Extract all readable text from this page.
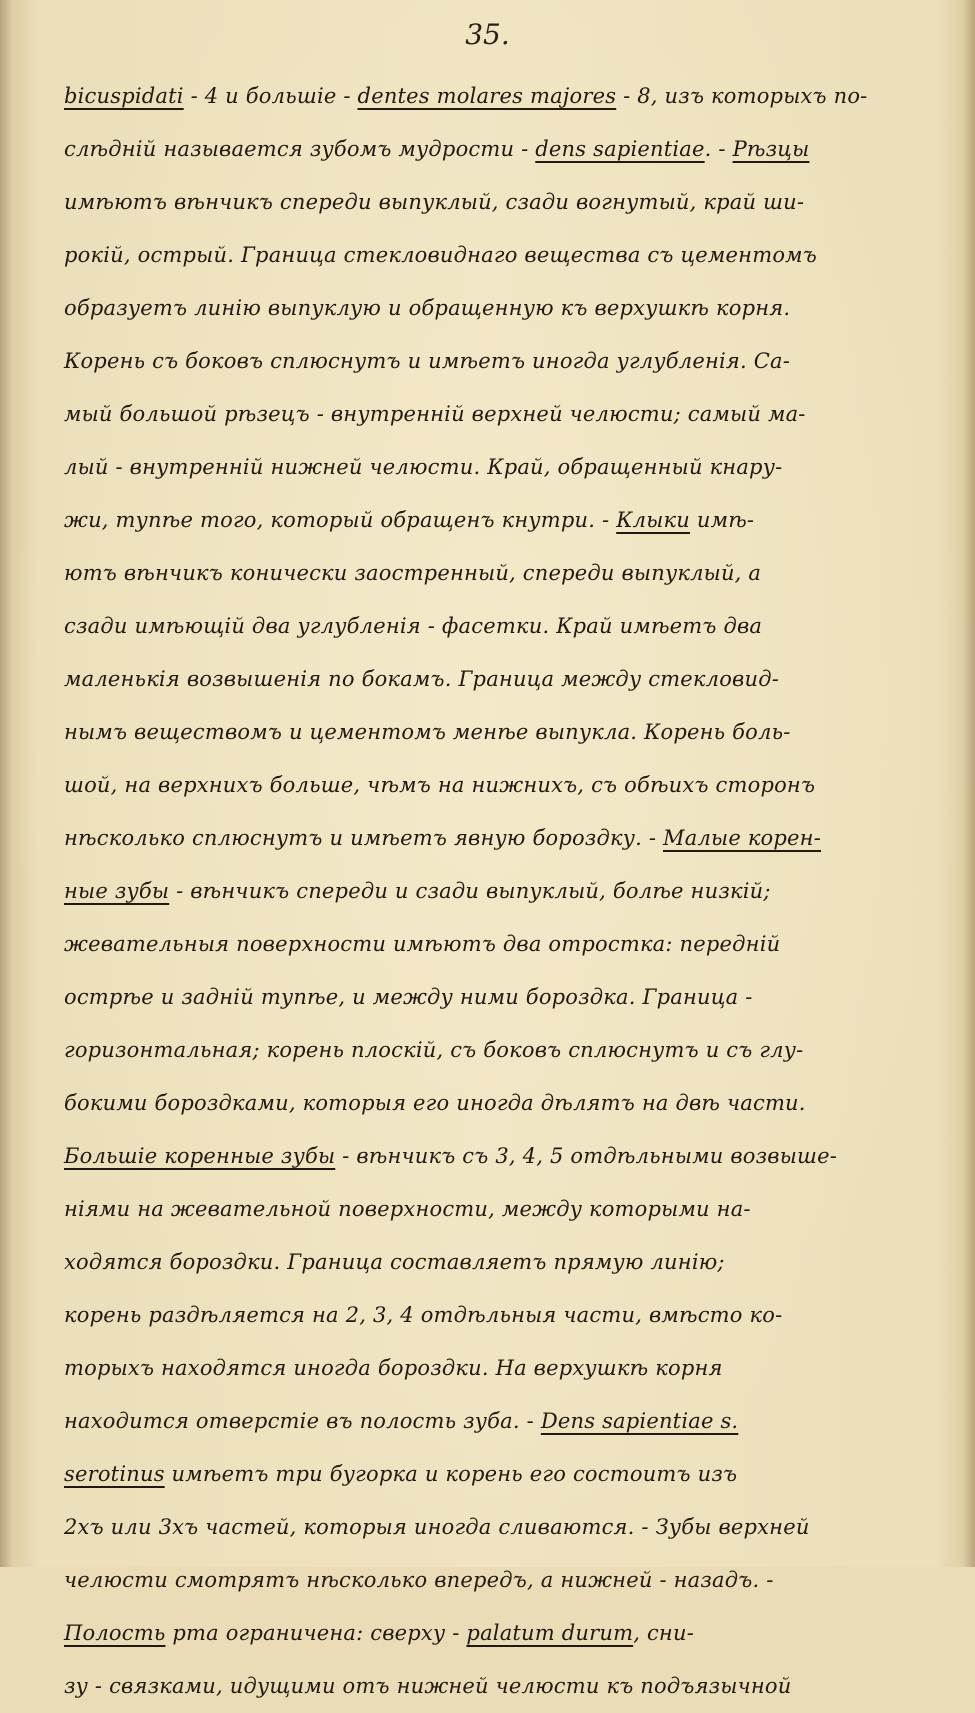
35.
bicuspidati - 4 и большіе - dentes molares majores - 8, изъ которыхъ по-
слѣдній называется зубомъ мудрости - dens sapientiae. - Рѣзцы
имѣютъ вѣнчикъ спереди выпуклый, сзади вогнутый, край ши-
рокій, острый. Граница стекловиднаго вещества съ цементомъ
образуетъ линію выпуклую и обращенную къ верхушкѣ корня.
Корень съ боковъ сплюснутъ и имѣетъ иногда углубленія. Са-
мый большой рѣзецъ - внутренній верхней челюсти; самый ма-
лый - внутренній нижней челюсти. Край, обращенный кнару-
жи, тупѣе того, который обращенъ кнутри. - Клыки имѣ-
ютъ вѣнчикъ конически заостренный, спереди выпуклый, а
сзади имѣющій два углубленія - фасетки. Край имѣетъ два
маленькія возвышенія по бокамъ. Граница между стекловид-
нымъ веществомъ и цементомъ менѣе выпукла. Корень боль-
шой, на верхнихъ больше, чѣмъ на нижнихъ, съ обѣихъ сторонъ
нѣсколько сплюснутъ и имѣетъ явную бороздку. - Малые корен-
ные зубы - вѣнчикъ спереди и сзади выпуклый, болѣе низкій;
жевательныя поверхности имѣютъ два отростка: передній
острѣе и задній тупѣе, и между ними бороздка. Граница -
горизонтальная; корень плоскій, съ боковъ сплюснутъ и съ глу-
бокими бороздками, которыя его иногда дѣлятъ на двѣ части.
Большіе коренные зубы - вѣнчикъ съ 3, 4, 5 отдѣльными возвыше-
ніями на жевательной поверхности, между которыми на-
ходятся бороздки. Граница составляетъ прямую линію;
корень раздѣляется на 2, 3, 4 отдѣльныя части, вмѣсто ко-
торыхъ находятся иногда бороздки. На верхушкѣ корня
находится отверстіе въ полость зуба. - Dens sapientiae s.
serotinus имѣетъ три бугорка и корень его состоитъ изъ
2хъ или 3хъ частей, которыя иногда сливаются. - Зубы верхней
челюсти смотрятъ нѣсколько впередъ, а нижней - назадъ. -
Полость рта ограничена: сверху - palatum durum, сни-
зу - связками, идущими отъ нижней челюсти къ подъязычной
